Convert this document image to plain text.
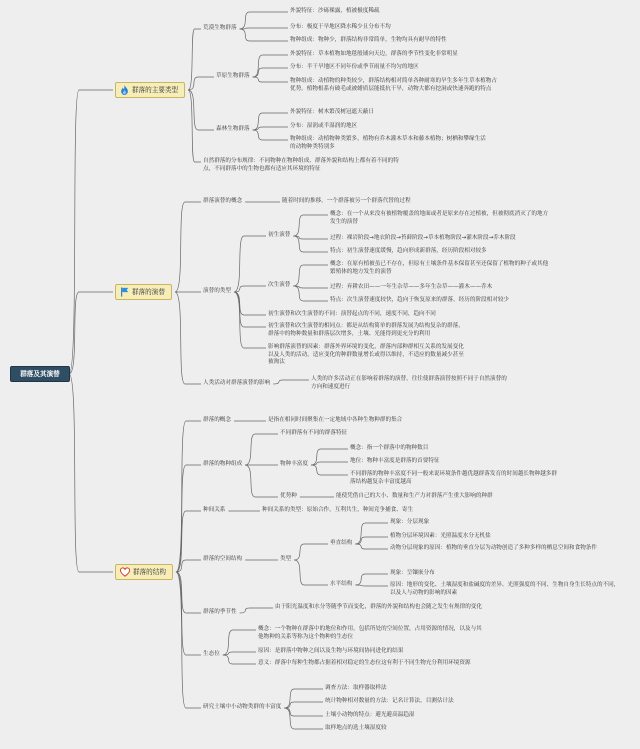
群落及其演替
群落的主要类型
群落的演替
群落的结构
荒漠生物群落
外貌特征：沙砾裸露，植被极度稀疏
分布：极度干旱地区降水稀少且分布不均
物种组成：物种少，群落结构非常简单，生物均具有耐旱的特性
草原生物群落
外貌特征：草本植物如地毯般铺向天边，群落的季节性变化非常明显
分布：半干旱地区不同年份或季节雨量不均匀的地区
物种组成：动植物的种类较少，群落结构相对简单各种耐寒的旱生多年生草本植物占优势。植物根系有破毛或被蜡质层能抵抗干旱，动物大都有挖洞或快速奔跑的特点
森林生物群落
外貌特征：树木繁茂树冠遮天蔽日
分布：湿润或半湿润的地区
物种组成：动植物种类繁多，植物有乔木灌木草本和藤本植物；树栖和攀缘生活的动物种类特别多
自然群落的分布规律：不同物种在物种组成、群落外貌和结构上都有着不同的特点，不同群落中的生物也都有适应其环境的特征
群落演替的概念	随着时间的推移，一个群落被另一个群落代替的过程
演替的类型
初生演替
概念：在一个从来没有被植物覆盖的地面或者是原来存在过植被，但被彻底消灭了的地方发生的演替
过程：裸岩阶段→地衣阶段→苔藓阶段→草本植物阶段→灌木阶段→乔木阶段
特点：初生演替速度缓慢，趋向形成新群落，经历阶段相对较多
次生演替
概念：在原有植被虽已不存在，但原有土壤条件基本保留甚至还保留了植物的种子或其他繁殖体的地方发生的演替
过程：弃耕农田——一年生杂草——多年生杂草——灌木——乔木
特点：次生演替速度较快，趋向于恢复原来的群落，经历的阶段相对较少
初生演替和次生演替的不同：演替起点的不同，速度不同，趋向不同
初生演替和次生演替的相同点：都是从结构简单的群落发展为结构复杂的群落，群落中的物种数量和群落层次增多，土壤、光能得到更充分的利用
影响群落演替的因素：群落外界环境的变化，群落内部种群相互关系的发展变化以及人类的活动，适应变化的种群数量增长或得以维持，不适应的数量减少甚至被淘汰
人类活动对群落演替的影响
人类的许多活动正在影响着群落的演替，往往使群落演替按照不同于自然演替的方向和速度进行
群落的概念	是指在相同时间聚集在一定地域中各种生物种群的集合
群落的物种组成
不同群落有不同的群落特征
物种丰富度
概念：指一个群落中的物种数目
地位：物种丰富度是群落的首要特征
不同群落的物种丰富度不同一般来说环境条件越优越群落发育的时间越长物种越多群落结构越复杂丰富度越高
优势种	能使凭借自己的大小、数量和生产力对群落产生重大影响的种群
种间关系	种间关系的类型：原始合作，互利共生，种间竞争捕食、寄生
群落的空间结构	类型
垂直结构
现象：分层现象
植物分层环境因素：光照温度水分无机盐
动物分层现象的原因：植物的垂直分层为动物创造了多种多样的栖息空间和食物条件
水平结构
现象：呈镶嵌分布
原因：地形的变化、土壤湿度和盐碱度的差异、光照强度的不同、生物自身生长特点的不同，以及人与动物的影响的因素
群落的季节性
由于阳光温度和水分等随季节而变化，群落的外貌和结构也会随之发生有规律的变化
生态位
概念：一个物种在群落中的地位和作用，包括所处的空间位置，占用资源的情况，以及与其他物种的关系等称为这个物种的生态位
原因：是群落中物种之间以及生物与环境间协同进化的结果
意义：群落中每种生物都占据着相对稳定的生态位这有利于不同生物充分利用环境资源
研究土壤中小动物类群的丰富度
调查方法：取样器取样法
统计物种相对数量的方法：记名计算法，目测估计法
土壤小动物的特点：避光避高温趋湿
取样地点的选土壤湿度较
